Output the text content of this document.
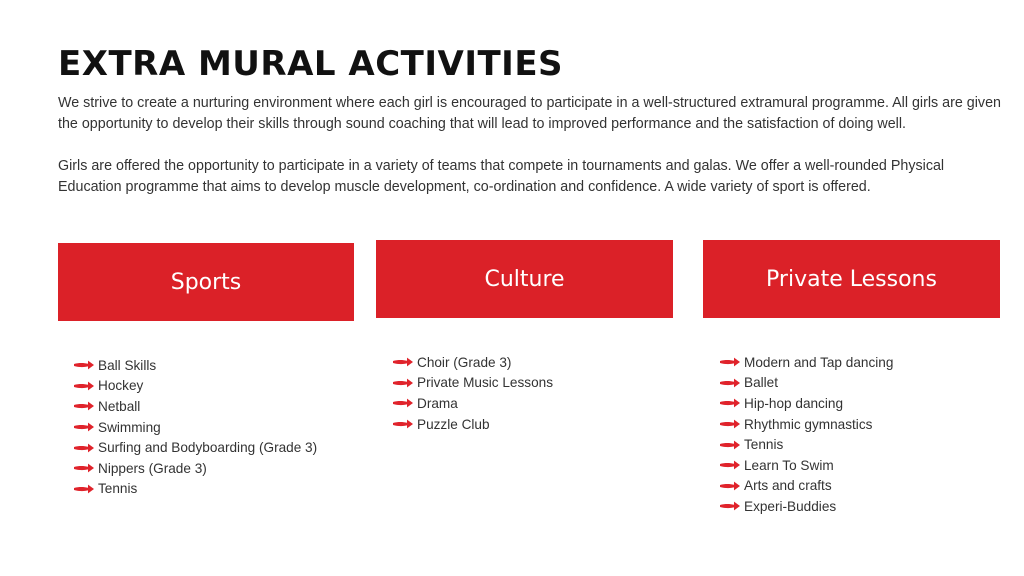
EXTRA MURAL ACTIVITIES

We strive to create a nurturing environment where each girl is encouraged to participate in a well-structured extramural programme. All girls are given the opportunity to develop their skills through sound coaching that will lead to improved performance and the satisfaction of doing well.

Girls are offered the opportunity to participate in a variety of teams that compete in tournaments and galas. We offer a well-rounded Physical Education programme that aims to develop muscle development, co-ordination and confidence. A wide variety of sport is offered.

Sports	Culture	Private Lessons
Ball Skills
Hockey
Netball
Swimming
Surfing and Bodyboarding (Grade 3)
Nippers (Grade 3)
Tennis
Choir (Grade 3)
Private Music Lessons
Drama
Puzzle Club
Modern and Tap dancing
Ballet
Hip-hop dancing
Rhythmic gymnastics
Tennis
Learn To Swim
Arts and crafts
Experi-Buddies
